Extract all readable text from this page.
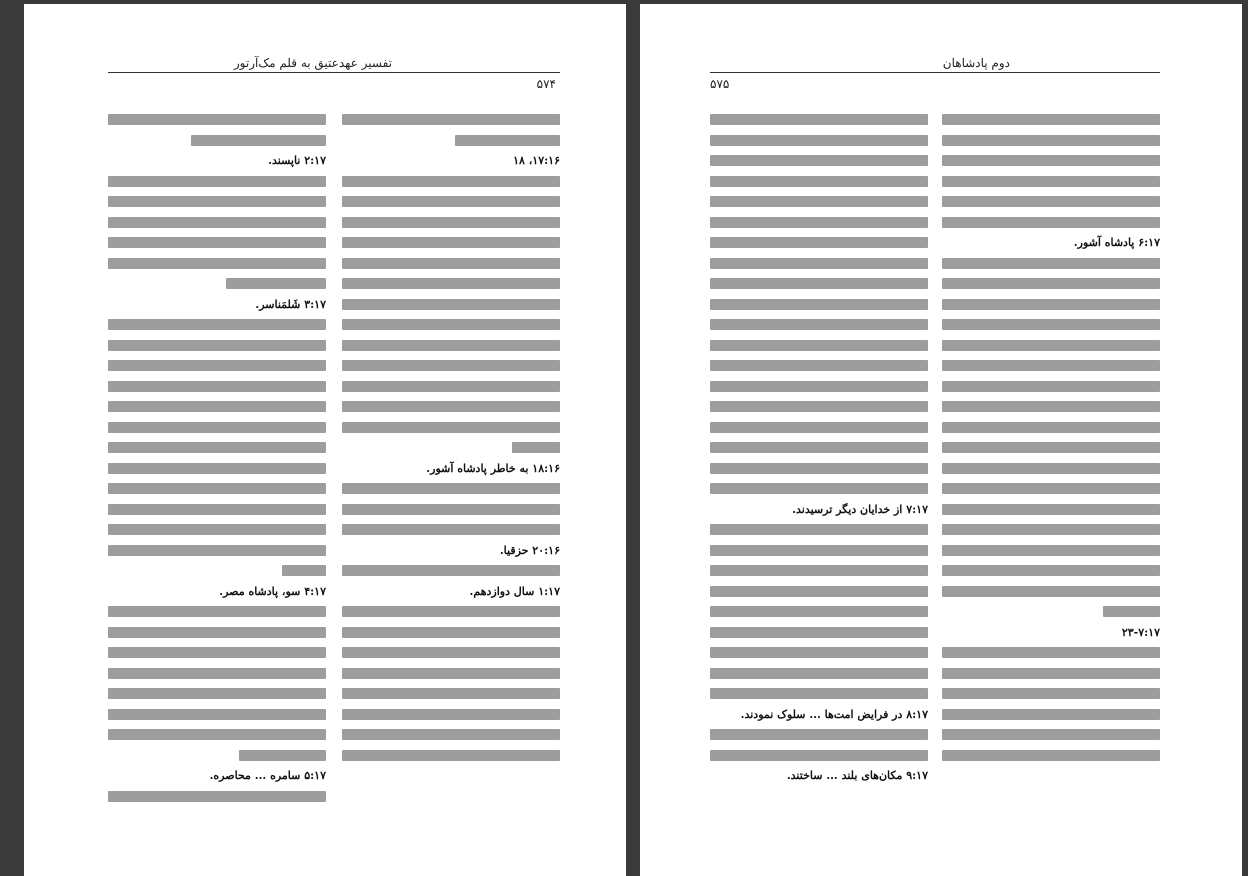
تفسیر عهدعتیق به قلم مک‌آرتور
۵۷۴
۱۷:۱۶، ۱۸
۱۸:۱۶ به خاطر پادشاه آشور.
۲۰:۱۶ حزقیا.
۱:۱۷ سال دوازدهم.
۲:۱۷ ناپسند.
۳:۱۷ شَلمَناسر.
۴:۱۷ سو، پادشاه مصر.
۵:۱۷ سامره ... محاصره.
دوم پادشاهان
۵۷۵
۶:۱۷ پادشاه آشور.
۲۳-۷:۱۷
۷:۱۷ از خدایان دیگر ترسیدند.
۸:۱۷ در فرایض امت‌ها ... سلوک نمودند.
۹:۱۷ مکان‌های بلند ... ساختند.
